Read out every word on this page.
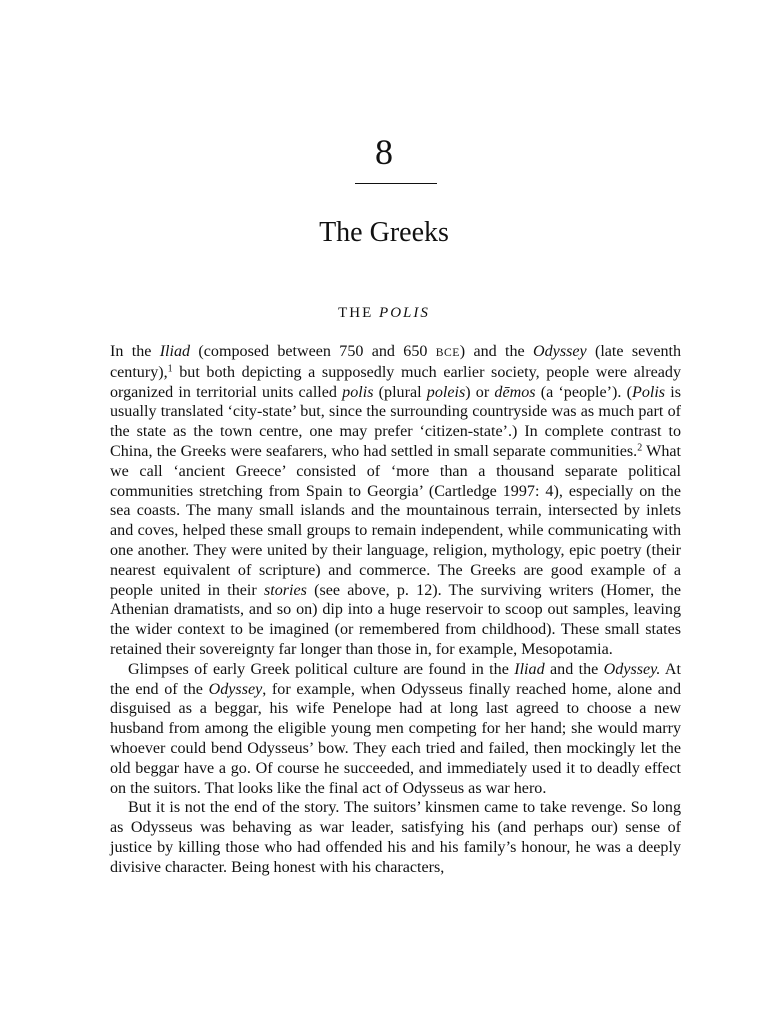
8
The Greeks
THE POLIS

In the Iliad (composed between 750 and 650 BCE) and the Odyssey (late seventh century),$^1$ but both depicting a supposedly much earlier society, people were already organized in territorial units called polis (plural poleis) or dēmos (a ‘people’). (Polis is usually translated ‘city-state’ but, since the surrounding countryside was as much part of the state as the town centre, one may prefer ‘citizen-state’.) In complete contrast to China, the Greeks were seafarers, who had settled in small separate communities.$^2$ What we call ‘ancient Greece’ consisted of ‘more than a thousand separate political communities stretching from Spain to Georgia’ (Cartledge 1997: 4), especially on the sea coasts. The many small islands and the mountainous terrain, intersected by inlets and coves, helped these small groups to remain independent, while communicating with one another. They were united by their language, religion, mythology, epic poetry (their nearest equivalent of scripture) and commerce. The Greeks are good example of a people united in their stories (see above, p. 12). The surviving writers (Homer, the Athenian dramatists, and so on) dip into a huge reservoir to scoop out samples, leaving the wider context to be imagined (or remembered from childhood). These small states retained their sovereignty far longer than those in, for example, Mesopotamia.

Glimpses of early Greek political culture are found in the Iliad and the Odyssey. At the end of the Odyssey, for example, when Odysseus finally reached home, alone and disguised as a beggar, his wife Penelope had at long last agreed to choose a new husband from among the eligible young men competing for her hand; she would marry whoever could bend Odysseus’ bow. They each tried and failed, then mockingly let the old beggar have a go. Of course he succeeded, and immediately used it to deadly effect on the suitors. That looks like the final act of Odysseus as war hero.

But it is not the end of the story. The suitors’ kinsmen came to take revenge. So long as Odysseus was behaving as war leader, satisfying his (and perhaps our) sense of justice by killing those who had offended his and his family’s honour, he was a deeply divisive character. Being honest with his characters,
